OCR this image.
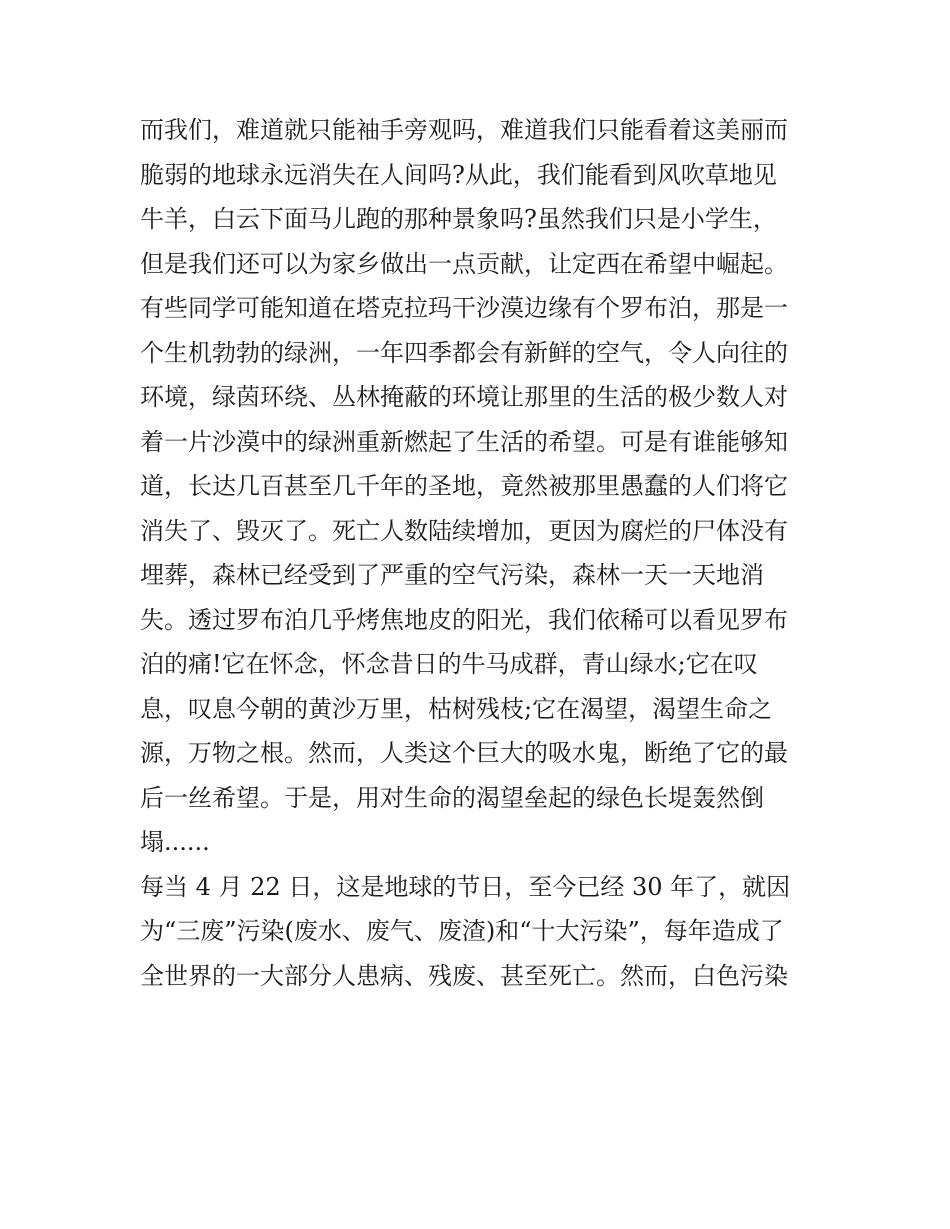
而我们，难道就只能袖手旁观吗，难道我们只能看着这美丽而
脆弱的地球永远消失在人间吗?从此，我们能看到风吹草地见
牛羊，白云下面马儿跑的那种景象吗?虽然我们只是小学生，
但是我们还可以为家乡做出一点贡献，让定西在希望中崛起。
有些同学可能知道在塔克拉玛干沙漠边缘有个罗布泊，那是一
个生机勃勃的绿洲，一年四季都会有新鲜的空气，令人向往的
环境，绿茵环绕、丛林掩蔽的环境让那里的生活的极少数人对
着一片沙漠中的绿洲重新燃起了生活的希望。可是有谁能够知
道，长达几百甚至几千年的圣地，竟然被那里愚蠢的人们将它
消失了、毁灭了。死亡人数陆续增加，更因为腐烂的尸体没有
埋葬，森林已经受到了严重的空气污染，森林一天一天地消
失。透过罗布泊几乎烤焦地皮的阳光，我们依稀可以看见罗布
泊的痛!它在怀念，怀念昔日的牛马成群，青山绿水;它在叹
息，叹息今朝的黄沙万里，枯树残枝;它在渴望，渴望生命之
源，万物之根。然而，人类这个巨大的吸水鬼，断绝了它的最
后一丝希望。于是，用对生命的渴望垒起的绿色长堤轰然倒
塌......
每当 4 月 22 日，这是地球的节日，至今已经 30 年了，就因
为“三废”污染(废水、废气、废渣)和“十大污染”，每年造成了
全世界的一大部分人患病、残废、甚至死亡。然而，白色污染
